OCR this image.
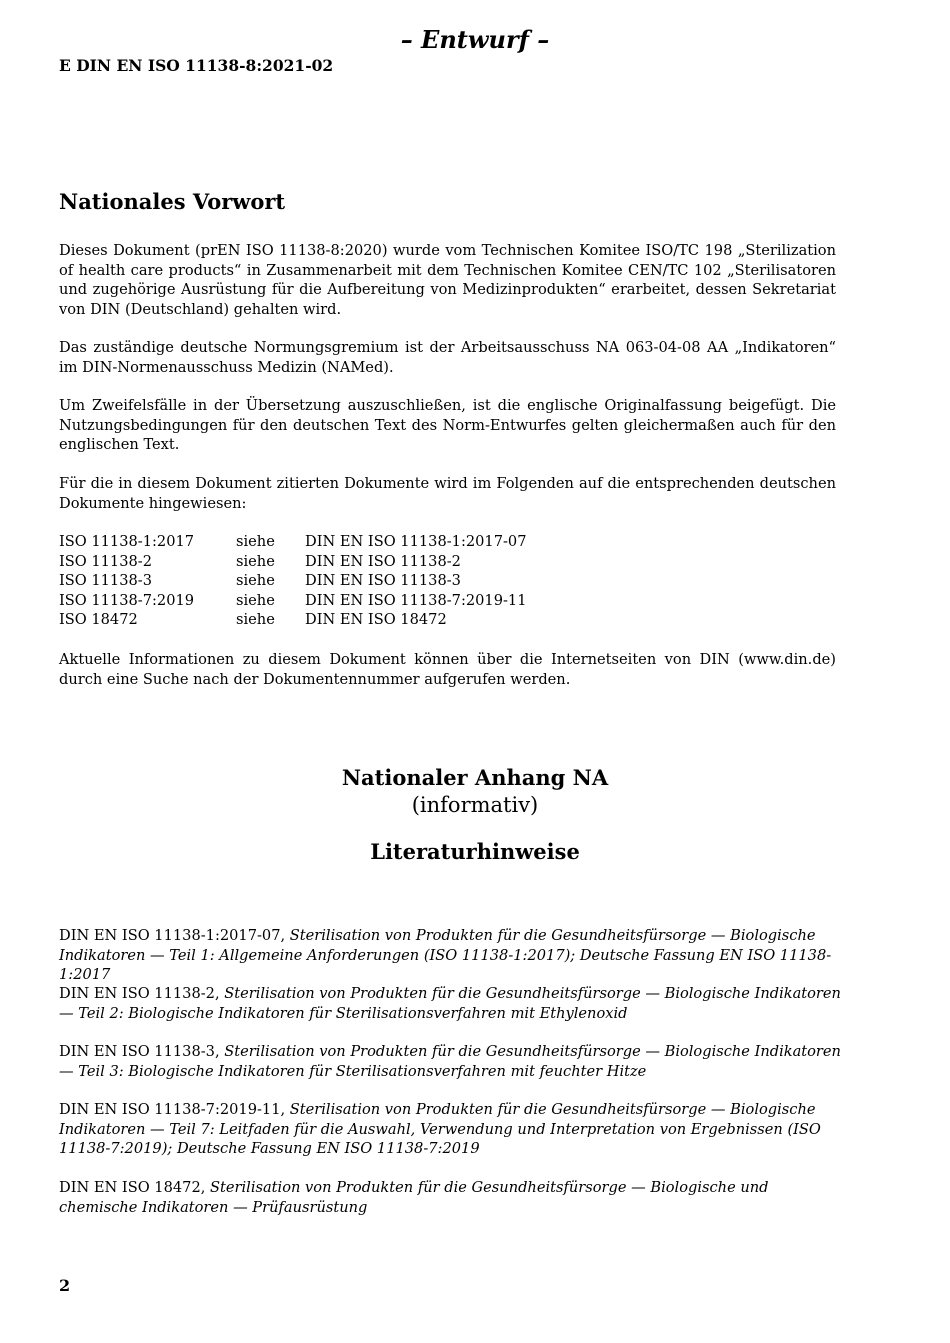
– Entwurf –
E DIN EN ISO 11138-8:2021-02
Nationales Vorwort

Dieses Dokument (prEN ISO 11138-8:2020) wurde vom Technischen Komitee ISO/TC 198 „Sterilization of health care products“ in Zusammenarbeit mit dem Technischen Komitee CEN/TC 102 „Sterilisatoren und zugehörige Ausrüstung für die Aufbereitung von Medizinprodukten“ erarbeitet, dessen Sekretariat von DIN (Deutschland) gehalten wird.

Das zuständige deutsche Normungsgremium ist der Arbeitsausschuss NA 063-04-08 AA „Indikatoren“ im DIN-Normenausschuss Medizin (NAMed).

Um Zweifelsfälle in der Übersetzung auszuschließen, ist die englische Originalfassung beigefügt. Die Nutzungsbedingungen für den deutschen Text des Norm-Entwurfes gelten gleichermaßen auch für den englischen Text.

Für die in diesem Dokument zitierten Dokumente wird im Folgenden auf die entsprechenden deutschen Dokumente hingewiesen:

ISO 11138-1:2017	siehe	DIN EN ISO 11138-1:2017-07
ISO 11138-2	siehe	DIN EN ISO 11138-2
ISO 11138-3	siehe	DIN EN ISO 11138-3
ISO 11138-7:2019	siehe	DIN EN ISO 11138-7:2019-11
ISO 18472	siehe	DIN EN ISO 18472

Aktuelle Informationen zu diesem Dokument können über die Internetseiten von DIN (www.din.de) durch eine Suche nach der Dokumentennummer aufgerufen werden.

Nationaler Anhang NA
(informativ)
Literaturhinweise

DIN EN ISO 11138-1:2017-07, Sterilisation von Produkten für die Gesundheitsfürsorge — Biologische Indikatoren — Teil 1: Allgemeine Anforderungen (ISO 11138-1:2017); Deutsche Fassung EN ISO 11138-1:2017

DIN EN ISO 11138-2, Sterilisation von Produkten für die Gesundheitsfürsorge — Biologische Indikatoren — Teil 2: Biologische Indikatoren für Sterilisationsverfahren mit Ethylenoxid

DIN EN ISO 11138-3, Sterilisation von Produkten für die Gesundheitsfürsorge — Biologische Indikatoren — Teil 3: Biologische Indikatoren für Sterilisationsverfahren mit feuchter Hitze

DIN EN ISO 11138-7:2019-11, Sterilisation von Produkten für die Gesundheitsfürsorge — Biologische Indikatoren — Teil 7: Leitfaden für die Auswahl, Verwendung und Interpretation von Ergebnissen (ISO 11138-7:2019); Deutsche Fassung EN ISO 11138-7:2019

DIN EN ISO 18472, Sterilisation von Produkten für die Gesundheitsfürsorge — Biologische und chemische Indikatoren — Prüfausrüstung

2
